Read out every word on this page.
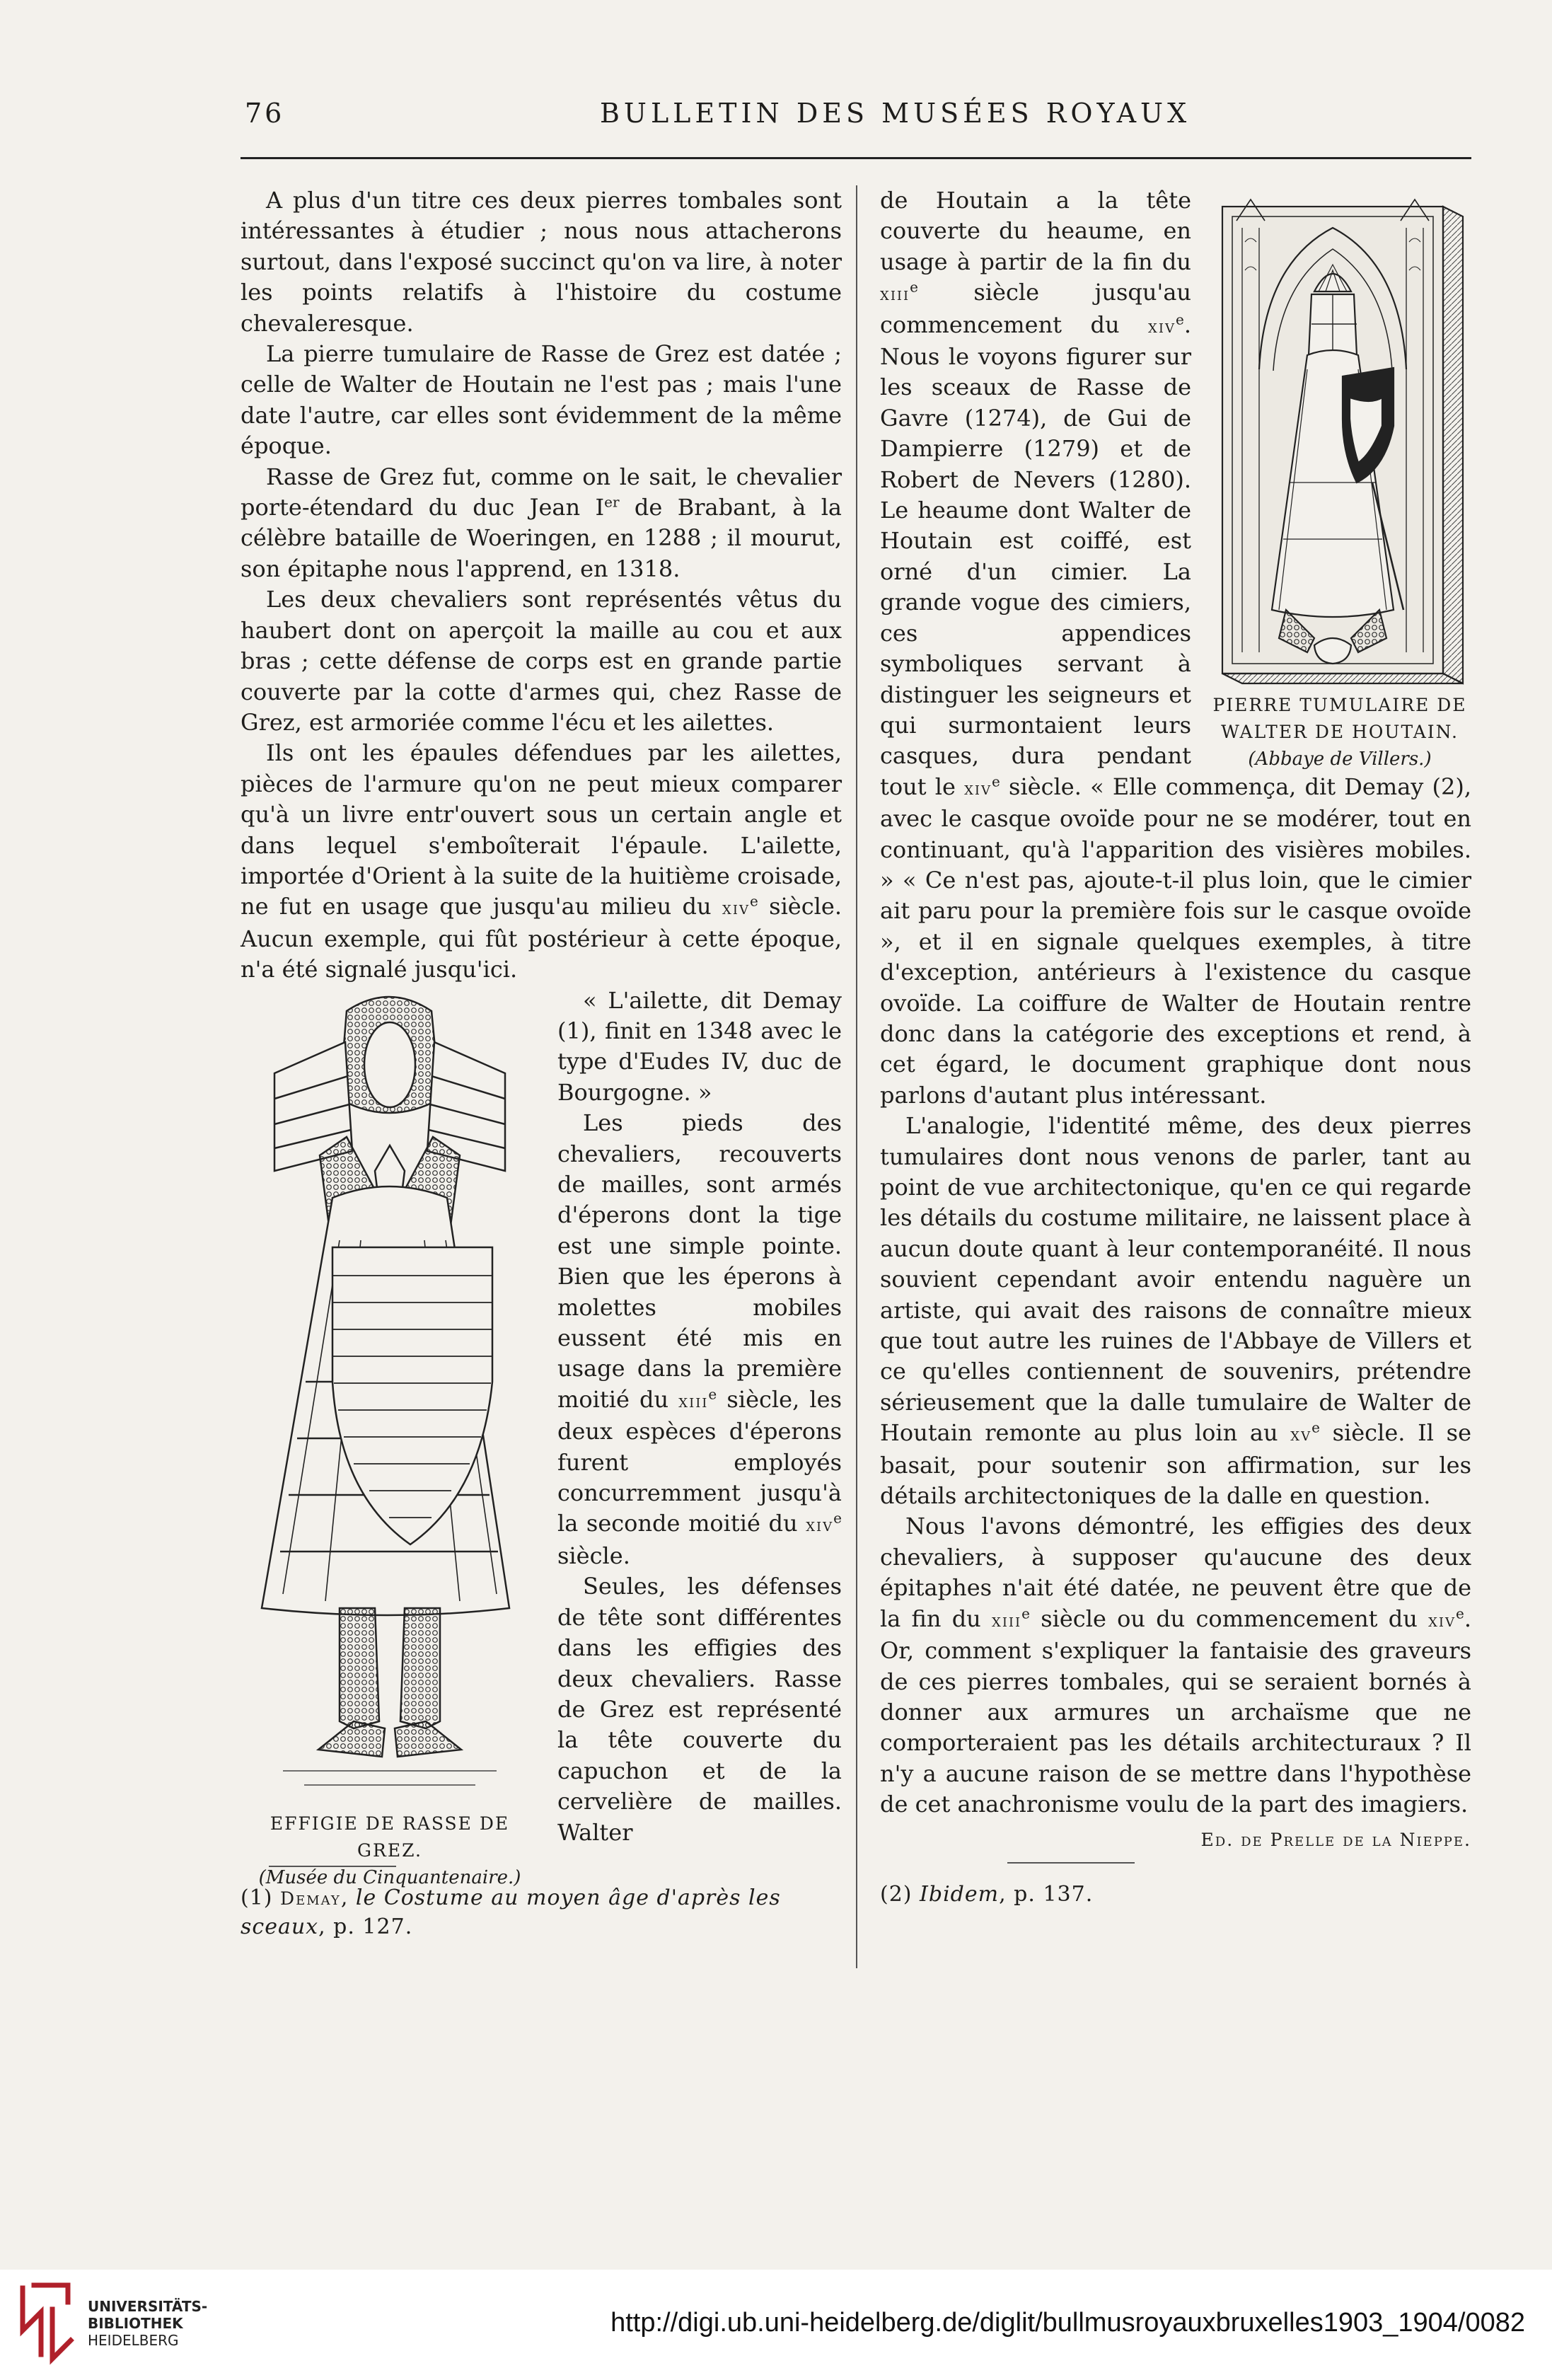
76	BULLETIN DES MUSÉES ROYAUX

A plus d'un titre ces deux pierres tombales sont intéressantes à étudier ; nous nous attacherons surtout, dans l'exposé succinct qu'on va lire, à noter les points relatifs à l'histoire du costume chevaleresque.

La pierre tumulaire de Rasse de Grez est datée ; celle de Walter de Houtain ne l'est pas ; mais l'une date l'autre, car elles sont évidemment de la même époque.

Rasse de Grez fut, comme on le sait, le chevalier porte-étendard du duc Jean Ier de Brabant, à la célèbre bataille de Woeringen, en 1288 ; il mourut, son épitaphe nous l'apprend, en 1318.

Les deux chevaliers sont représentés vêtus du haubert dont on aperçoit la maille au cou et aux bras ; cette défense de corps est en grande partie couverte par la cotte d'armes qui, chez Rasse de Grez, est armoriée comme l'écu et les ailettes.

Ils ont les épaules défendues par les ailettes, pièces de l'armure qu'on ne peut mieux comparer qu'à un livre entr'ouvert sous un certain angle et dans lequel s'emboîterait l'épaule. L'ailette, importée d'Orient à la suite de la huitième croisade, ne fut en usage que jusqu'au milieu du xiv$^e$ siècle. Aucun exemple, qui fût postérieur à cette époque, n'a été signalé jusqu'ici.

EFFIGIE DE RASSE DE GREZ.
(Musée du Cinquantenaire.)

« L'ailette, dit Demay (1), finit en 1348 avec le type d'Eudes IV, duc de Bourgogne. »

Les pieds des chevaliers, recouverts de mailles, sont armés d'éperons dont la tige est une simple pointe. Bien que les éperons à molettes mobiles eussent été mis en usage dans la première moitié du xiii$^e$ siècle, les deux espèces d'éperons furent employés concurremment jusqu'à la seconde moitié du xiv$^e$ siècle.

Seules, les défenses de tête sont différentes dans les effigies des deux chevaliers. Rasse de Grez est représenté la tête couverte du capuchon et de la cervelière de mailles. Walter

(1) Demay, le Costume au moyen âge d'après les sceaux, p. 127.
PIERRE TUMULAIRE DE
WALTER DE HOUTAIN.
(Abbaye de Villers.)

de Houtain a la tête couverte du heaume, en usage à partir de la fin du xiii$^e$ siècle jusqu'au commencement du xiv$^e$. Nous le voyons figurer sur les sceaux de Rasse de Gavre (1274), de Gui de Dampierre (1279) et de Robert de Nevers (1280). Le heaume dont Walter de Houtain est coiffé, est orné d'un cimier. La grande vogue des cimiers, ces appendices symboliques servant à distinguer les seigneurs et qui surmontaient leurs casques, dura pendant tout le xiv$^e$ siècle. « Elle commença, dit Demay (2), avec le casque ovoïde pour ne se modérer, tout en continuant, qu'à l'apparition des visières mobiles. » « Ce n'est pas, ajoute-t-il plus loin, que le cimier ait paru pour la première fois sur le casque ovoïde », et il en signale quelques exemples, à titre d'exception, antérieurs à l'existence du casque ovoïde. La coiffure de Walter de Houtain rentre donc dans la catégorie des exceptions et rend, à cet égard, le document graphique dont nous parlons d'autant plus intéressant.

L'analogie, l'identité même, des deux pierres tumulaires dont nous venons de parler, tant au point de vue architectonique, qu'en ce qui regarde les détails du costume militaire, ne laissent place à aucun doute quant à leur contemporanéité. Il nous souvient cependant avoir entendu naguère un artiste, qui avait des raisons de connaître mieux que tout autre les ruines de l'Abbaye de Villers et ce qu'elles contiennent de souvenirs, prétendre sérieusement que la dalle tumulaire de Walter de Houtain remonte au plus loin au $xv^e$ siècle. Il se basait, pour soutenir son affirmation, sur les détails architectoniques de la dalle en question.

Nous l'avons démontré, les effigies des deux chevaliers, à supposer qu'aucune des deux épitaphes n'ait été datée, ne peuvent être que de la fin du xiii$^e$ siècle ou du commencement du xiv$^e$. Or, comment s'expliquer la fantaisie des graveurs de ces pierres tombales, qui se seraient bornés à donner aux armures un archaïsme que ne comporteraient pas les détails architecturaux ? Il n'y a aucune raison de se mettre dans l'hypothèse de cet anachronisme voulu de la part des imagiers.

Ed. de Prelle de la Nieppe.
(2) Ibidem, p. 137.
UNIVERSITÄTS-
BIBLIOTHEK
HEIDELBERG
http://digi.ub.uni-heidelberg.de/diglit/bullmusroyauxbruxelles1903_1904/0082
